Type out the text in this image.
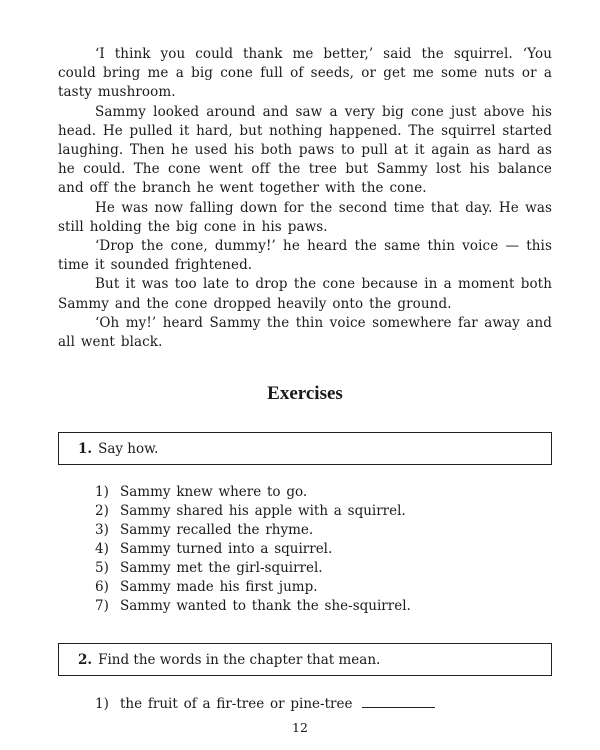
‘I think you could thank me better,’ said the squirrel. ‘You could bring me a big cone full of seeds, or get me some nuts or a tasty mushroom.

Sammy looked around and saw a very big cone just above his head. He pulled it hard, but nothing happened. The squirrel started laughing. Then he used his both paws to pull at it again as hard as he could. The cone went off the tree but Sammy lost his balance and off the branch he went together with the cone.

He was now falling down for the second time that day. He was still holding the big cone in his paws.

‘Drop the cone, dummy!’ he heard the same thin voice — this time it sounded frightened.

But it was too late to drop the cone because in a moment both Sammy and the cone dropped heavily onto the ground.

‘Oh my!’ heard Sammy the thin voice somewhere far away and all went black.

Exercises
1. Say how.
1) Sammy knew where to go.
2) Sammy shared his apple with a squirrel.
3) Sammy recalled the rhyme.
4) Sammy turned into a squirrel.
5) Sammy met the girl-squirrel.
6) Sammy made his first jump.
7) Sammy wanted to thank the she-squirrel.
2. Find the words in the chapter that mean.
1) the fruit of a fir-tree or pine-tree
12
